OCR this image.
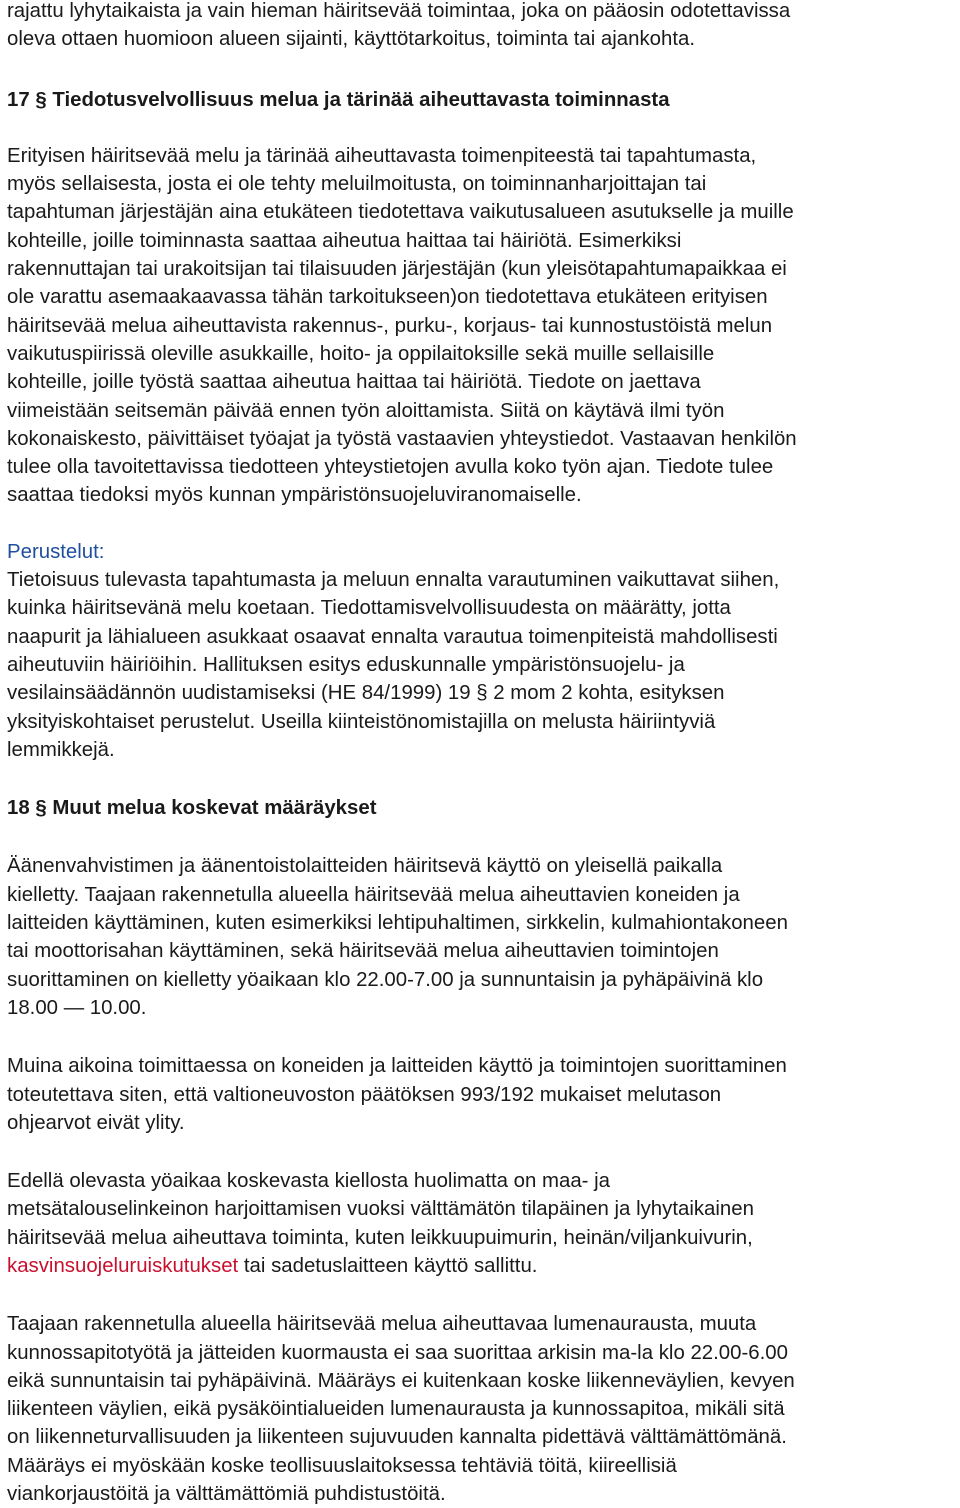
rajattu lyhytaikaista ja vain hieman häiritsevää toimintaa, joka on pääosin odotettavissa
oleva ottaen huomioon alueen sijainti, käyttötarkoitus, toiminta tai ajankohta.

17 § Tiedotusvelvollisuus melua ja tärinää aiheuttavasta toiminnasta

Erityisen häiritsevää melu ja tärinää aiheuttavasta toimenpiteestä tai tapahtumasta,
myös sellaisesta, josta ei ole tehty meluilmoitusta, on toiminnanharjoittajan tai
tapahtuman järjestäjän aina etukäteen tiedotettava vaikutusalueen asutukselle ja muille
kohteille, joille toiminnasta saattaa aiheutua haittaa tai häiriötä. Esimerkiksi
rakennuttajan tai urakoitsijan tai tilaisuuden järjestäjän (kun yleisötapahtumapaikkaa ei
ole varattu asemaakaavassa tähän tarkoitukseen)on tiedotettava etukäteen erityisen
häiritsevää melua aiheuttavista rakennus-, purku-, korjaus- tai kunnostustöistä melun
vaikutuspiirissä oleville asukkaille, hoito- ja oppilaitoksille sekä muille sellaisille
kohteille, joille työstä saattaa aiheutua haittaa tai häiriötä. Tiedote on jaettava
viimeistään seitsemän päivää ennen työn aloittamista. Siitä on käytävä ilmi työn
kokonaiskesto, päivittäiset työajat ja työstä vastaavien yhteystiedot. Vastaavan henkilön
tulee olla tavoitettavissa tiedotteen yhteystietojen avulla koko työn ajan. Tiedote tulee
saattaa tiedoksi myös kunnan ympäristönsuojeluviranomaiselle.

Perustelut:
Tietoisuus tulevasta tapahtumasta ja meluun ennalta varautuminen vaikuttavat siihen,
kuinka häiritsevänä melu koetaan. Tiedottamisvelvollisuudesta on määrätty, jotta
naapurit ja lähialueen asukkaat osaavat ennalta varautua toimenpiteistä mahdollisesti
aiheutuviin häiriöihin. Hallituksen esitys eduskunnalle ympäristönsuojelu- ja
vesilainsäädännön uudistamiseksi (HE 84/1999) 19 § 2 mom 2 kohta, esityksen
yksityiskohtaiset perustelut. Useilla kiinteistönomistajilla on melusta häiriintyviä
lemmikkejä.

18 § Muut melua koskevat määräykset

Äänenvahvistimen ja äänentoistolaitteiden häiritsevä käyttö on yleisellä paikalla
kielletty. Taajaan rakennetulla alueella häiritsevää melua aiheuttavien koneiden ja
laitteiden käyttäminen, kuten esimerkiksi lehtipuhaltimen, sirkkelin, kulmahiontakoneen
tai moottorisahan käyttäminen, sekä häiritsevää melua aiheuttavien toimintojen
suorittaminen on kielletty yöaikaan klo 22.00-7.00 ja sunnuntaisin ja pyhäpäivinä klo
18.00 — 10.00.

Muina aikoina toimittaessa on koneiden ja laitteiden käyttö ja toimintojen suorittaminen
toteutettava siten, että valtioneuvoston päätöksen 993/192 mukaiset melutason
ohjearvot eivät ylity.

Edellä olevasta yöaikaa koskevasta kiellosta huolimatta on maa- ja
metsätalouselinkeinon harjoittamisen vuoksi välttämätön tilapäinen ja lyhytaikainen
häiritsevää melua aiheuttava toiminta, kuten leikkuupuimurin, heinän/viljankuivurin,
kasvinsuojeluruiskutukset tai sadetuslaitteen käyttö sallittu.

Taajaan rakennetulla alueella häiritsevää melua aiheuttavaa lumenaurausta, muuta
kunnossapitotyötä ja jätteiden kuormausta ei saa suorittaa arkisin ma-la klo 22.00-6.00
eikä sunnuntaisin tai pyhäpäivinä. Määräys ei kuitenkaan koske liikenneväylien, kevyen
liikenteen väylien, eikä pysäköintialueiden lumenaurausta ja kunnossapitoa, mikäli sitä
on liikenneturvallisuuden ja liikenteen sujuvuuden kannalta pidettävä välttämättömänä.
Määräys ei myöskään koske teollisuuslaitoksessa tehtäviä töitä, kiireellisiä
viankorjaustöitä ja välttämättömiä puhdistustöitä.
